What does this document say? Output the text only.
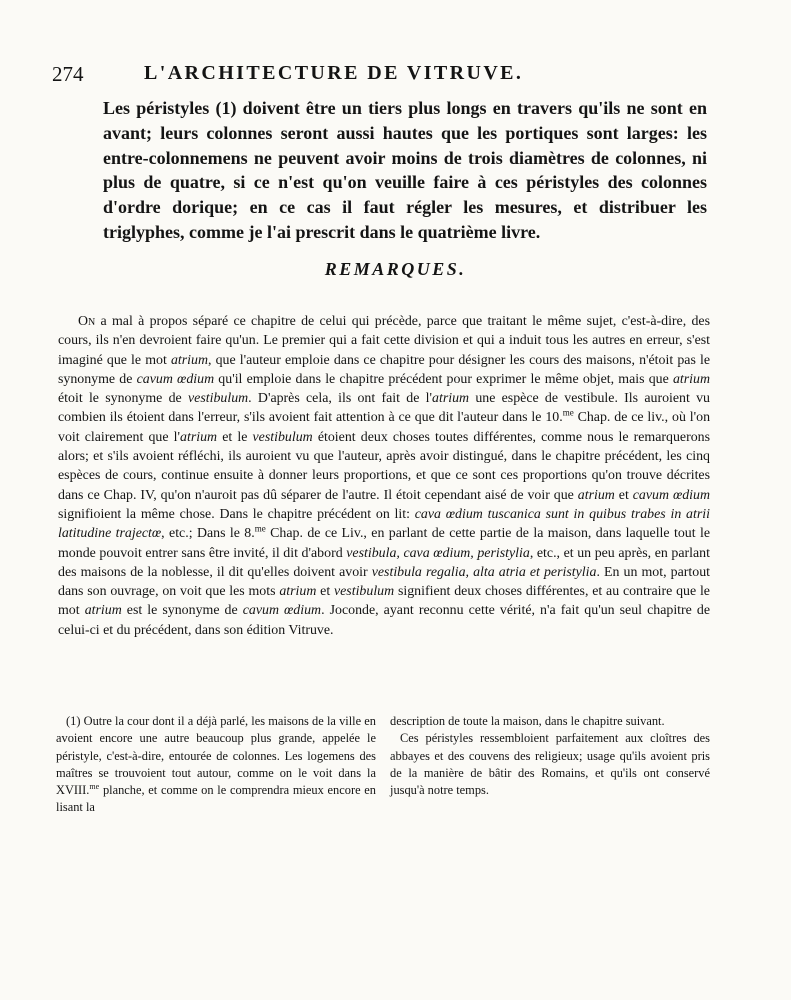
274	L'ARCHITECTURE DE VITRUVE.
Les péristyles (1) doivent être un tiers plus longs en travers qu'ils ne sont en avant; leurs colonnes seront aussi hautes que les portiques sont larges: les entre-colonnemens ne peuvent avoir moins de trois diamètres de colonnes, ni plus de quatre, si ce n'est qu'on veuille faire à ces péristyles des colonnes d'ordre dorique; en ce cas il faut régler les mesures, et distribuer les triglyphes, comme je l'ai prescrit dans le quatrième livre.
REMARQUES.

On a mal à propos séparé ce chapitre de celui qui précède, parce que traitant le même sujet, c'est-à-dire, des cours, ils n'en devroient faire qu'un. Le premier qui a fait cette division et qui a induit tous les autres en erreur, s'est imaginé que le mot atrium, que l'auteur emploie dans ce chapitre pour désigner les cours des maisons, n'étoit pas le synonyme de cavum œdium qu'il emploie dans le chapitre précédent pour exprimer le même objet, mais que atrium étoit le synonyme de vestibulum. D'après cela, ils ont fait de l'atrium une espèce de vestibule. Ils auroient vu combien ils étoient dans l'erreur, s'ils avoient fait attention à ce que dit l'auteur dans le 10.$^{me}$ Chap. de ce liv., où l'on voit clairement que l'atrium et le vestibulum étoient deux choses toutes différentes, comme nous le remarquerons alors; et s'ils avoient réfléchi, ils auroient vu que l'auteur, après avoir distingué, dans le chapitre précédent, les cinq espèces de cours, continue ensuite à donner leurs proportions, et que ce sont ces proportions qu'on trouve décrites dans ce Chap. IV, qu'on n'auroit pas dû séparer de l'autre. Il étoit cependant aisé de voir que atrium et cavum œdium signifioient la même chose. Dans le chapitre précédent on lit: cava œdium tuscanica sunt in quibus trabes in atrii latitudine trajectœ, etc.; Dans le 8.$^{me}$ Chap. de ce Liv., en parlant de cette partie de la maison, dans laquelle tout le monde pouvoit entrer sans être invité, il dit d'abord vestibula, cava œdium, peristylia, etc., et un peu après, en parlant des maisons de la noblesse, il dit qu'elles doivent avoir vestibula regalia, alta atria et peristylia. En un mot, partout dans son ouvrage, on voit que les mots atrium et vestibulum signifient deux choses différentes, et au contraire que le mot atrium est le synonyme de cavum œdium. Joconde, ayant reconnu cette vérité, n'a fait qu'un seul chapitre de celui-ci et du précédent, dans son édition Vitruve.

(1) Outre la cour dont il a déjà parlé, les maisons de la ville en avoient encore une autre beaucoup plus grande, appelée le péristyle, c'est-à-dire, entourée de colonnes. Les logemens des maîtres se trouvoient tout autour, comme on le voit dans la XVIII.$^{me}$ planche, et comme on le comprendra mieux encore en lisant la

description de toute la maison, dans le chapitre suivant.

Ces péristyles ressembloient parfaitement aux cloîtres des abbayes et des couvens des religieux; usage qu'ils avoient pris de la manière de bâtir des Romains, et qu'ils ont conservé jusqu'à notre temps.
